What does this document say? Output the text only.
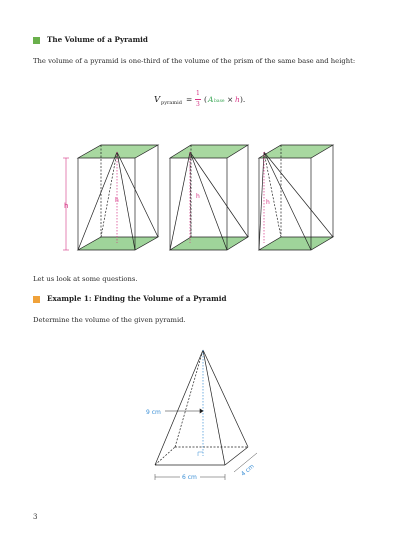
The Volume of a Pyramid
The volume of a pyramid is one-third of the volume of the prism of the same base and height:
V pyramid =
1
3
( A base × h ).
h
h
h
h
Let us look at some questions.
Example 1: Finding the Volume of a Pyramid
Determine the volume of the given pyramid.
9 cm
6 cm	4 cm
3
